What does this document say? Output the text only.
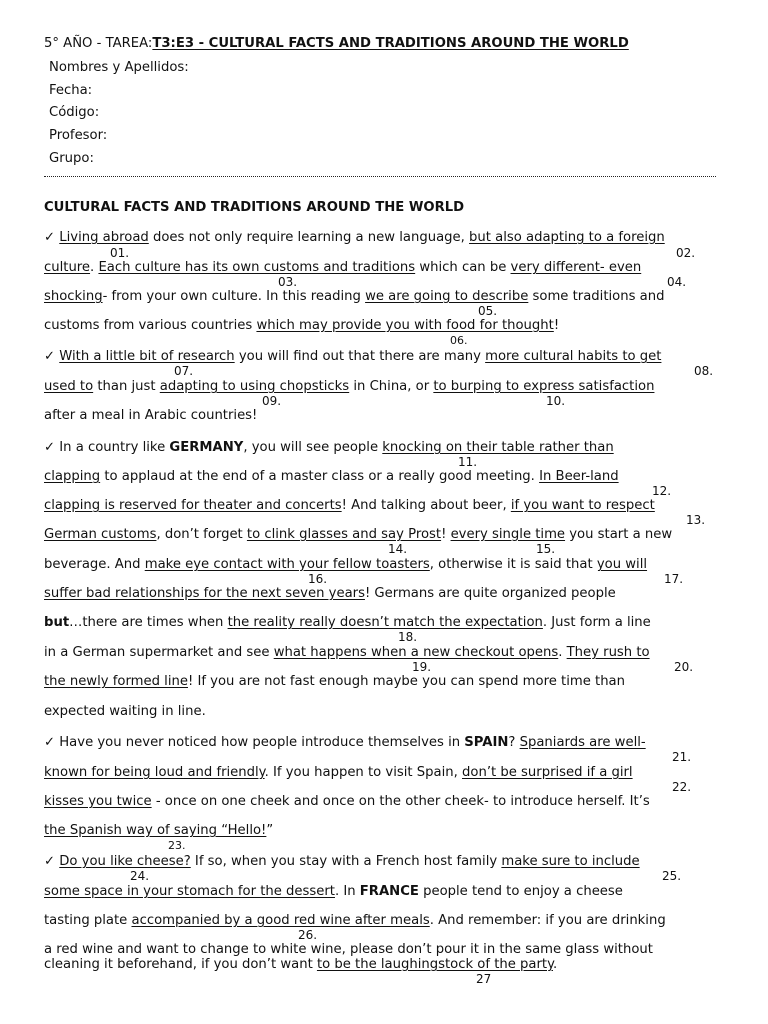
5° AÑO - TAREA:T3:E3 - CULTURAL FACTS AND TRADITIONS AROUND THE WORLD
Nombres y Apellidos:
Fecha:
Código:
Profesor:
Grupo:
CULTURAL FACTS AND TRADITIONS AROUND THE WORLD
✓ Living abroad does not only require learning a new language, but also adapting to a foreign
01.	02.
culture. Each culture has its own customs and traditions which can be very different- even
03.	04.
shocking- from your own culture. In this reading we are going to describe some traditions and
05.
customs from various countries which may provide you with food for thought!
06.
✓ With a little bit of research you will find out that there are many more cultural habits to get
07.	08.
used to than just adapting to using chopsticks in China, or to burping to express satisfaction
09.	10.
after a meal in Arabic countries!
✓ In a country like GERMANY, you will see people knocking on their table rather than
11.
clapping to applaud at the end of a master class or a really good meeting. In Beer-land
12.
clapping is reserved for theater and concerts! And talking about beer, if you want to respect
13.
German customs, don’t forget to clink glasses and say Prost! every single time you start a new
14.	15.
beverage. And make eye contact with your fellow toasters, otherwise it is said that you will
16.	17.
suffer bad relationships for the next seven years! Germans are quite organized people
but…there are times when the reality really doesn’t match the expectation. Just form a line
18.
in a German supermarket and see what happens when a new checkout opens. They rush to
19.	20.
the newly formed line! If you are not fast enough maybe you can spend more time than
expected waiting in line.
✓ Have you never noticed how people introduce themselves in SPAIN? Spaniards are well-
21.
known for being loud and friendly. If you happen to visit Spain, don’t be surprised if a girl
22.
kisses you twice - once on one cheek and once on the other cheek- to introduce herself. It’s
the Spanish way of saying “Hello!”
23.
✓ Do you like cheese? If so, when you stay with a French host family make sure to include
24.	25.
some space in your stomach for the dessert. In FRANCE people tend to enjoy a cheese
tasting plate accompanied by a good red wine after meals. And remember: if you are drinking
26.
a red wine and want to change to white wine, please don’t pour it in the same glass without
cleaning it beforehand, if you don’t want to be the laughingstock of the party.
27
